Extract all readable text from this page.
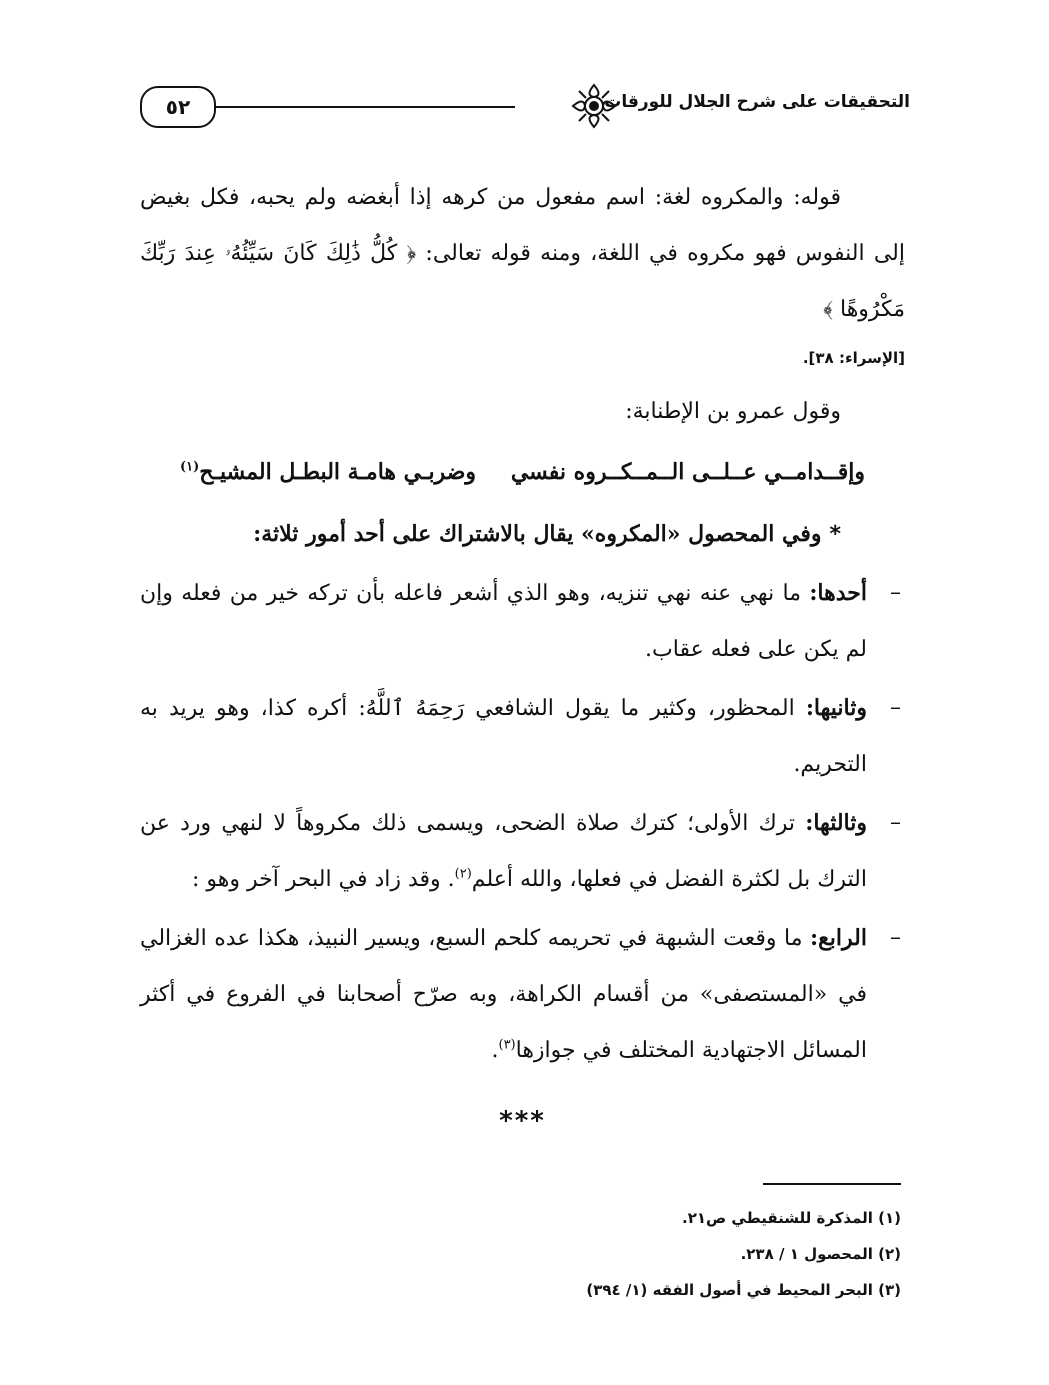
٥٢	التحقيقات على شرح الجلال للورقات

قوله: والمكروه لغة: اسم مفعول من كرهه إذا أبغضه ولم يحبه، فكل بغيض إلى النفوس فهو مكروه في اللغة، ومنه قوله تعالى: ﴿ كُلُّ ذَٰلِكَ كَانَ سَيِّئُهُۥ عِندَ رَبِّكَ مَكْرُوهًا ﴾

[الإسراء: ٣٨].

وقول عمرو بن الإطنابة:

وإقــدامــي عــلــى الــمــكــروه نفسي
وضربـي هامـة البطـل المشيـح$^{(١)}$

*وفي المحصول «المكروه» يقال بالاشتراك على أحد أمور ثلاثة:

–
أحدها: ما نهي عنه نهي تنزيه، وهو الذي أشعر فاعله بأن تركه خير من فعله وإن لم يكن على فعله عقاب.
–
وثانيها: المحظور، وكثير ما يقول الشافعي رَحِمَهُ ٱللَّهُ: أكره كذا، وهو يريد به التحريم.
–
وثالثها: ترك الأولى؛ كترك صلاة الضحى، ويسمى ذلك مكروهاً لا لنهي ورد عن الترك بل لكثرة الفضل في فعلها، والله أعلم$^{(٢)}$. وقد زاد في البحر آخر وهو :
–
الرابع: ما وقعت الشبهة في تحريمه كلحم السبع، ويسير النبيذ، هكذا عده الغزالي في «المستصفى» من أقسام الكراهة، وبه صرّح أصحابنا في الفروع في أكثر المسائل الاجتهادية المختلف في جوازها$^{(٣)}$.
***
(١) المذكرة للشنقيطي ص٢١.
(٢) المحصول ١ / ٢٣٨.
(٣) البحر المحيط في أصول الفقه (١/ ٣٩٤)
